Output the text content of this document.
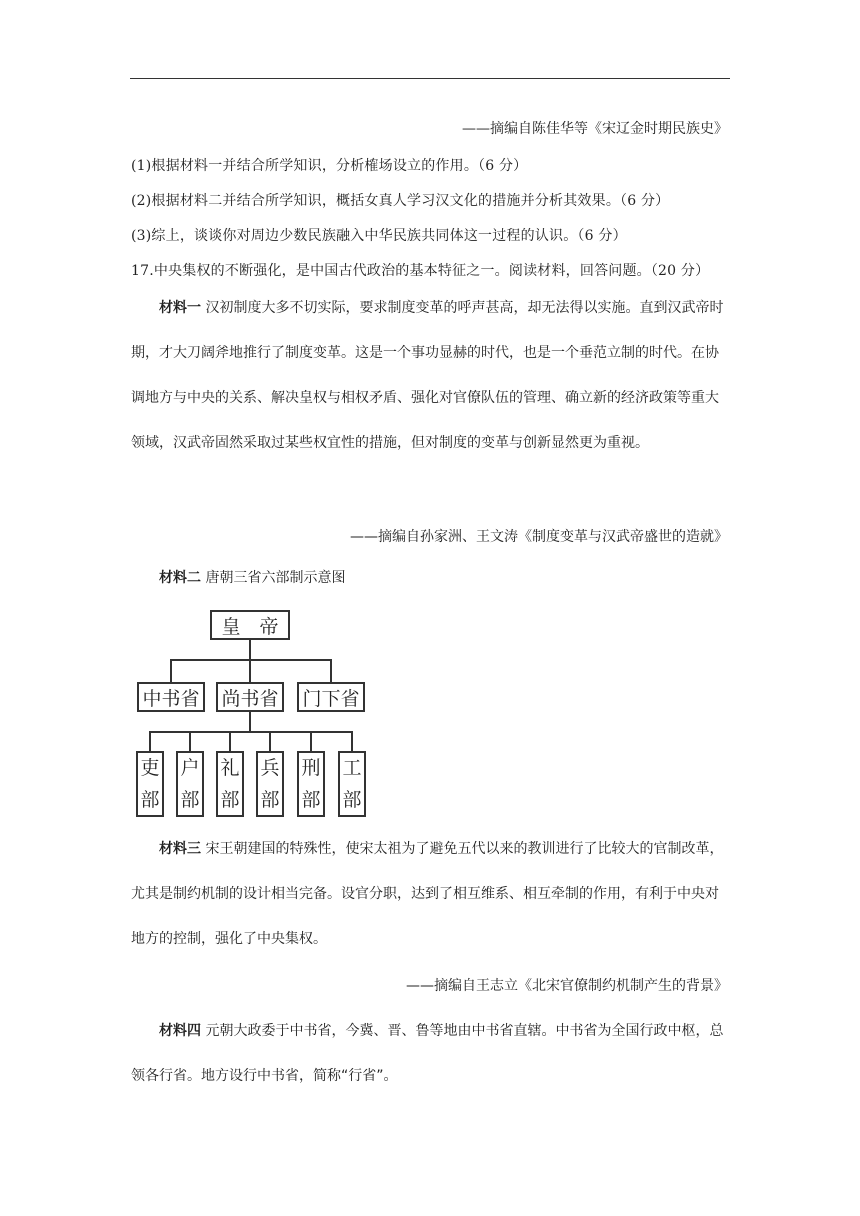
——摘编自陈佳华等《宋辽金时期民族史》
(1)根据材料一并结合所学知识，分析榷场设立的作用。（6 分）
(2)根据材料二并结合所学知识，概括女真人学习汉文化的措施并分析其效果。（6 分）
(3)综上，谈谈你对周边少数民族融入中华民族共同体这一过程的认识。（6 分）
17.中央集权的不断强化，是中国古代政治的基本特征之一。阅读材料，回答问题。（20 分）

材料一 汉初制度大多不切实际，要求制度变革的呼声甚高，却无法得以实施。直到汉武帝时期，才大刀阔斧地推行了制度变革。这是一个事功显赫的时代，也是一个垂范立制的时代。在协调地方与中央的关系、解决皇权与相权矛盾、强化对官僚队伍的管理、确立新的经济政策等重大领域，汉武帝固然采取过某些权宜性的措施，但对制度的变革与创新显然更为重视。

——摘编自孙家洲、王文涛《制度变革与汉武帝盛世的造就》

材料二 唐朝三省六部制示意图

皇　帝
中书省 尚书省 门下省
吏
部
户
部
礼
部
兵
部
刑
部
工
部

材料三 宋王朝建国的特殊性，使宋太祖为了避免五代以来的教训进行了比较大的官制改革，尤其是制约机制的设计相当完备。设官分职，达到了相互维系、相互牵制的作用，有利于中央对地方的控制，强化了中央集权。

——摘编自王志立《北宋官僚制约机制产生的背景》

材料四 元朝大政委于中书省，今冀、晋、鲁等地由中书省直辖。中书省为全国行政中枢，总领各行省。地方设行中书省，简称“行省”。
